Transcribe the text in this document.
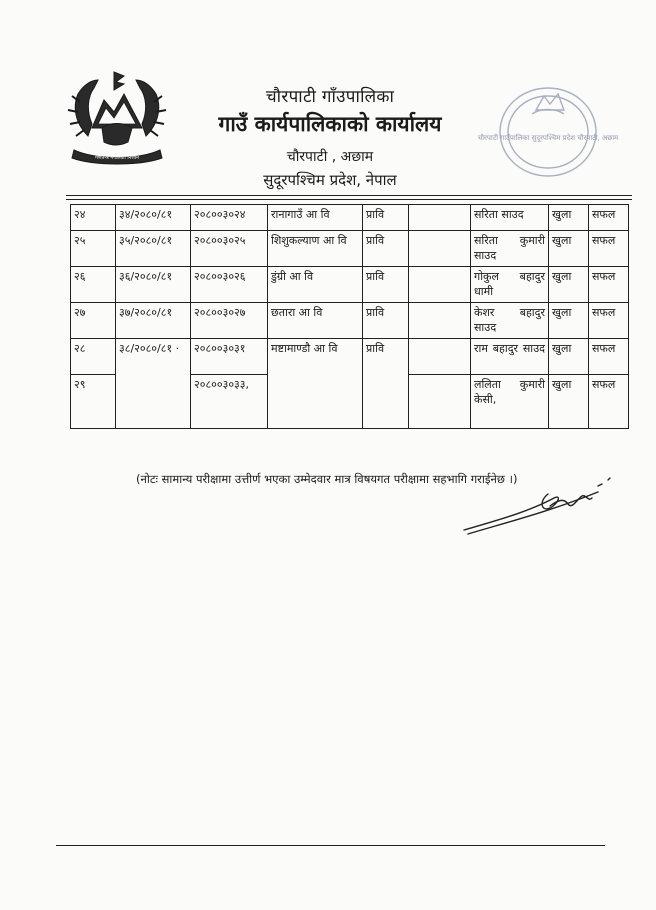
गणतन्त्र नेपालको निशान
चौरपाटी गाँउपालिका
गाउँ कार्यपालिकाको कार्यालय
चौरपाटी , अछाम
सुदूरपश्चिम प्रदेश, नेपाल
चौरपाटी गाउँपालिका सुदूरपश्चिम प्रदेश चौरपाटी, अछाम
२४	३४/२०८०/८१	२०८००३०२४	रानागाउँ आ वि	प्रावि		सरिता साउद	खुला	सफल
२५	३५/२०८०/८१	२०८००३०२५	शिशुकल्याण आ वि	प्रावि		सरिता कुमारी साउद	खुला	सफल
२६	३६/२०८०/८१	२०८००३०२६	डुंग्री आ वि	प्रावि		गोकुल बहादुर धामी	खुला	सफल
२७	३७/२०८०/८१	२०८००३०२७	छतारा आ वि	प्रावि		केशर बहादुर साउद	खुला	सफल
२८	३८/२०८०/८१ ·	२०८००३०३१	मष्टामाण्डौ आ वि	प्रावि		राम बहादुर साउद	खुला	सफल
२९		२०८००३०३३,				ललिता कुमारी केसी,	खुला	सफल
(नोटः सामान्य परीक्षामा उत्तीर्ण भएका उम्मेदवार मात्र विषयगत परीक्षामा सहभागि गराईनेछ ।)
